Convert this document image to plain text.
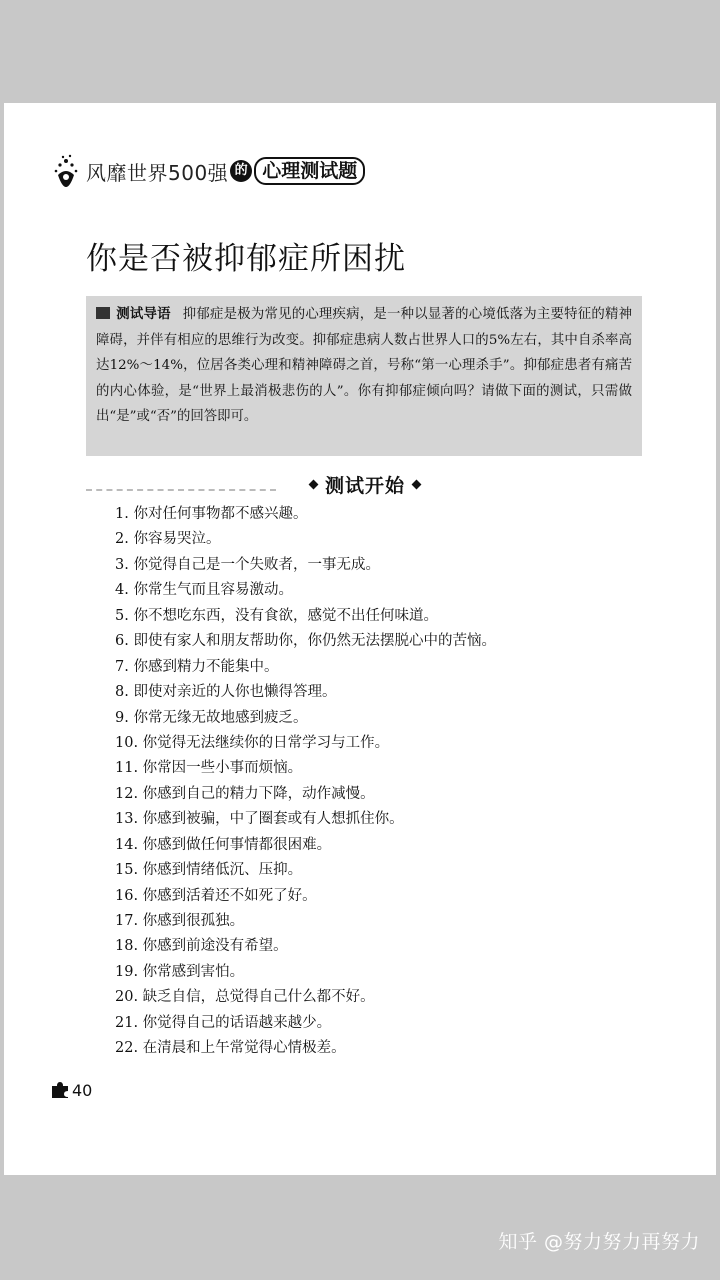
风靡世界500强 的 心理测试题
你是否被抑郁症所困扰
测试导语 抑郁症是极为常见的心理疾病，是一种以显著的心境低落为主要特征的精神障碍，并伴有相应的思维行为改变。抑郁症患病人数占世界人口的5%左右，其中自杀率高达12%～14%，位居各类心理和精神障碍之首，号称“第一心理杀手”。抑郁症患者有痛苦的内心体验，是“世界上最消极悲伤的人”。你有抑郁症倾向吗？请做下面的测试，只需做出“是”或“否”的回答即可。
测试开始
1. 你对任何事物都不感兴趣。
2. 你容易哭泣。
3. 你觉得自己是一个失败者，一事无成。
4. 你常生气而且容易激动。
5. 你不想吃东西，没有食欲，感觉不出任何味道。
6. 即使有家人和朋友帮助你，你仍然无法摆脱心中的苦恼。
7. 你感到精力不能集中。
8. 即使对亲近的人你也懒得答理。
9. 你常无缘无故地感到疲乏。
10. 你觉得无法继续你的日常学习与工作。
11. 你常因一些小事而烦恼。
12. 你感到自己的精力下降，动作减慢。
13. 你感到被骗，中了圈套或有人想抓住你。
14. 你感到做任何事情都很困难。
15. 你感到情绪低沉、压抑。
16. 你感到活着还不如死了好。
17. 你感到很孤独。
18. 你感到前途没有希望。
19. 你常感到害怕。
20. 缺乏自信，总觉得自己什么都不好。
21. 你觉得自己的话语越来越少。
22. 在清晨和上午常觉得心情极差。
40
知乎 @努力努力再努力
